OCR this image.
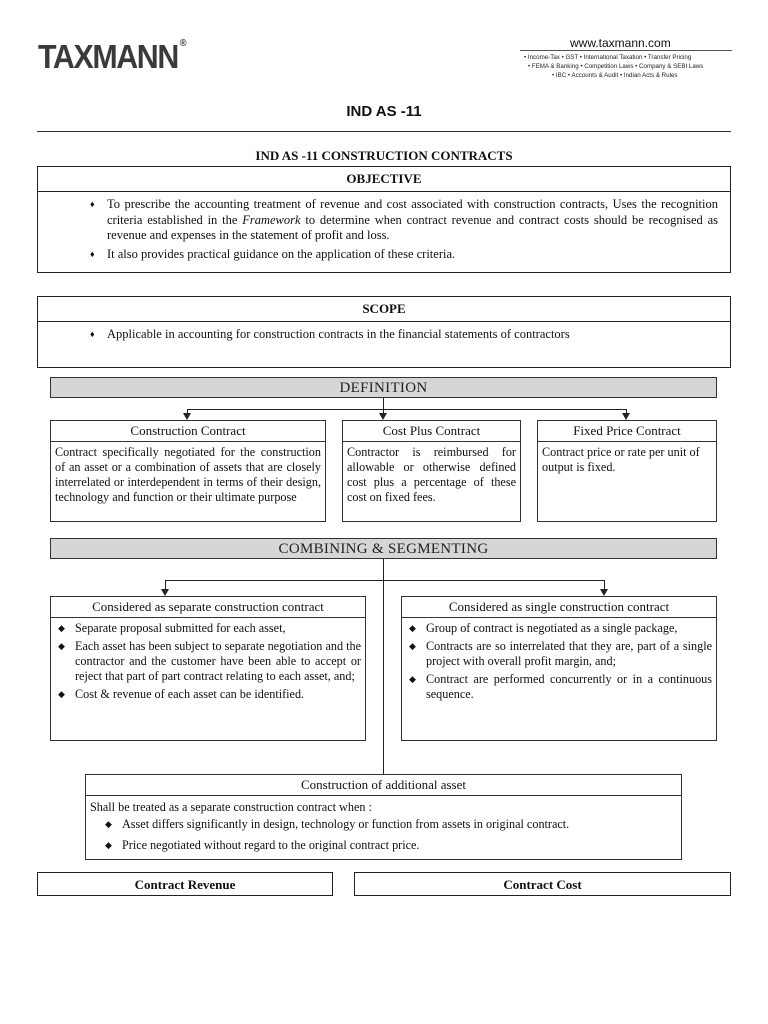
TAXMANN ®	www.taxmann.com
• Income-Tax • GST • International Taxation • Transfer Pricing
• FEMA & Banking • Competition Laws • Company & SEBI Laws
• IBC • Accounts & Audit • Indian Acts & Rules
IND AS -11
IND AS -11 CONSTRUCTION CONTRACTS
OBJECTIVE
♦ To prescribe the accounting treatment of revenue and cost associated with construction contracts, Uses the recognition criteria established in the Framework to determine when contract revenue and contract costs should be recognised as revenue and expenses in the statement of profit and loss.
♦ It also provides practical guidance on the application of these criteria.
SCOPE
♦ Applicable in accounting for construction contracts in the financial statements of contractors
DEFINITION
Construction Contract
Contract specifically negotiated for the construction of an asset or a combination of assets that are closely interrelated or interdependent in terms of their design, technology and function or their ultimate purpose
Cost Plus Contract
Contractor is reimbursed for allowable or otherwise defined cost plus a percentage of these cost on fixed fees.
Fixed Price Contract
Contract price or rate per unit of output is fixed.
COMBINING & SEGMENTING
Considered as separate construction contract
◆ Separate proposal submitted for each asset,
◆ Each asset has been subject to separate negotiation and the contractor and the customer have been able to accept or reject that part of part contract relating to each asset, and;
◆ Cost & revenue of each asset can be identified.
Considered as single construction contract
◆ Group of contract is negotiated as a single package,
◆ Contracts are so interrelated that they are, part of a single project with overall profit margin, and;
◆ Contract are performed concurrently or in a continuous sequence.
Construction of additional asset
Shall be treated as a separate construction contract when :
◆ Asset differs significantly in design, technology or function from assets in original contract.
◆ Price negotiated without regard to the original contract price.
Contract Revenue	Contract Cost
